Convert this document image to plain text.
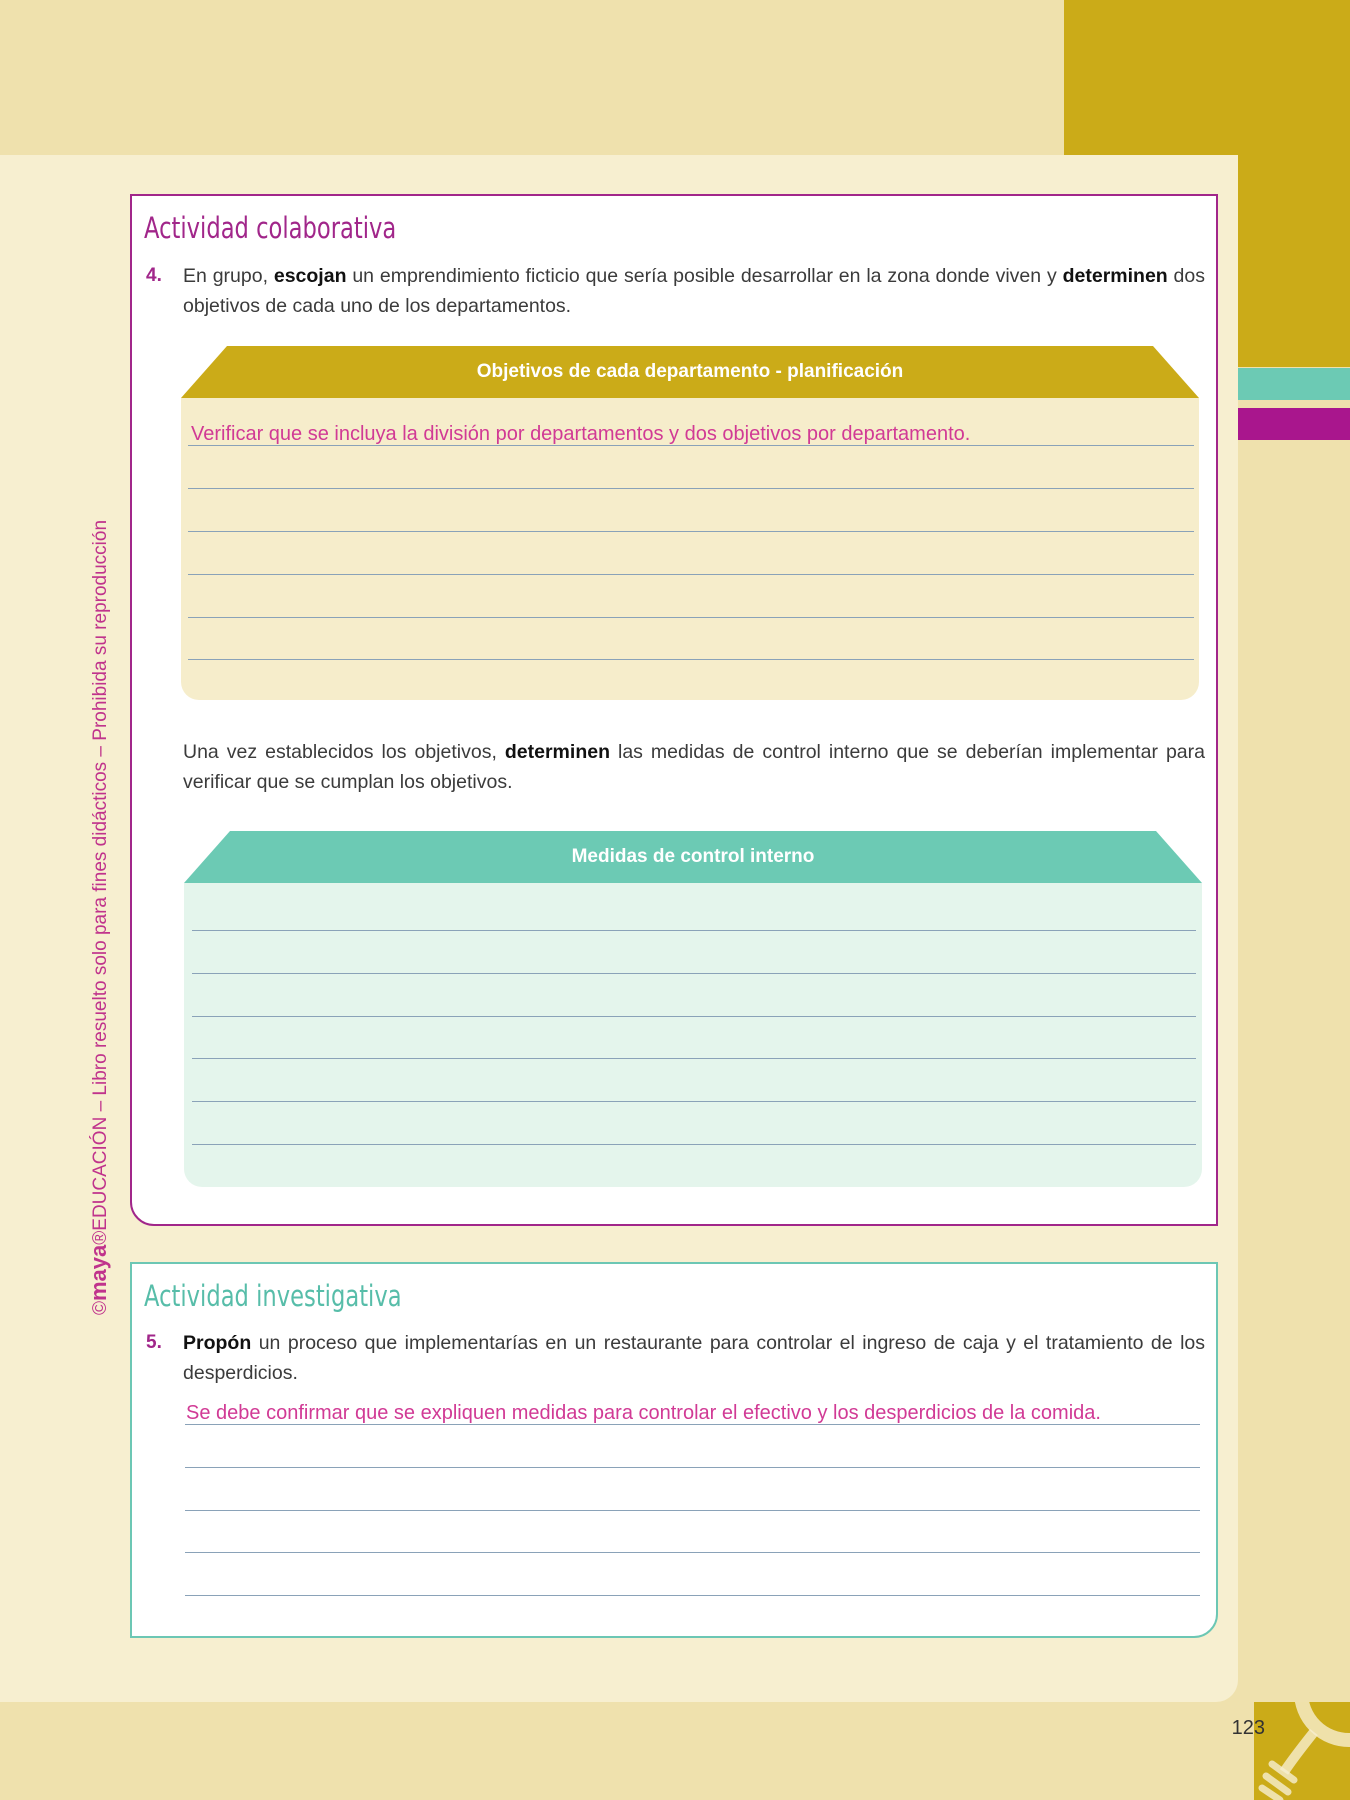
©maya®EDUCACIÓN – Libro resuelto solo para fines didácticos – Prohibida su reproducción
Actividad colaborativa
4. En grupo, escojan un emprendimiento ficticio que sería posible desarrollar en la zona donde viven y determinen dos objetivos de cada uno de los departamentos.
Objetivos de cada departamento - planificación
Verificar que se incluya la división por departamentos y dos objetivos por departamento.
Una vez establecidos los objetivos, determinen las medidas de control interno que se deberían implementar para verificar que se cumplan los objetivos.
Medidas de control interno
Actividad investigativa
5. Propón un proceso que implementarías en un restaurante para controlar el ingreso de caja y el tratamiento de los desperdicios.
Se debe confirmar que se expliquen medidas para controlar el efectivo y los desperdicios de la comida.
123
